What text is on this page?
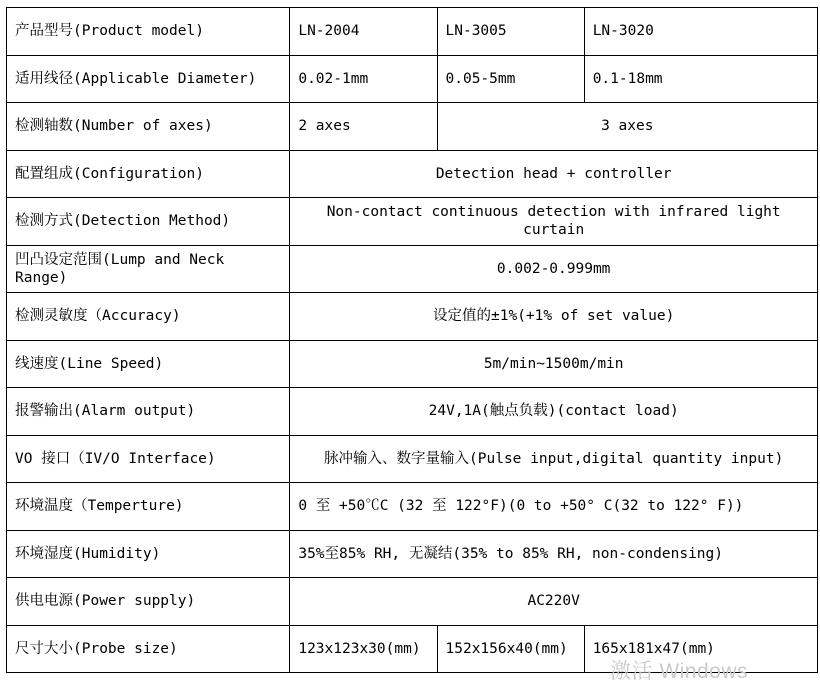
产品型号(Product model)	LN-2004	LN-3005	LN-3020
适用线径(Applicable Diameter)	0.02-1mm	0.05-5mm	0.1-18mm
检测轴数(Number of axes)	2 axes	3 axes	
配置组成(Configuration)	Detection head + controller		
检测方式(Detection Method)	Non-contact continuous detection with infrared light curtain		
凹凸设定范围(Lump and Neck Range)	0.002-0.999mm		
检测灵敏度（Accuracy)	设定值的±1%(+1% of set value)		
线速度(Line Speed)	5m/min~1500m/min		
报警输出(Alarm output)	24V,1A(触点负载)(contact load)		
VO 接口（IV/O Interface)	脉冲输入、数字量输入(Pulse input,digital quantity input)		
环境温度（Temperture)	0 至 +50℃C (32 至 122°F)(0 to +50° C(32 to 122° F))		
环境湿度(Humidity)	35%至85% RH, 无凝结(35% to 85% RH, non-condensing)		
供电电源(Power supply)	AC220V		
尺寸大小(Probe size)	123x123x30(mm)	152x156x40(mm)	165x181x47(mm)
激活 Windows
